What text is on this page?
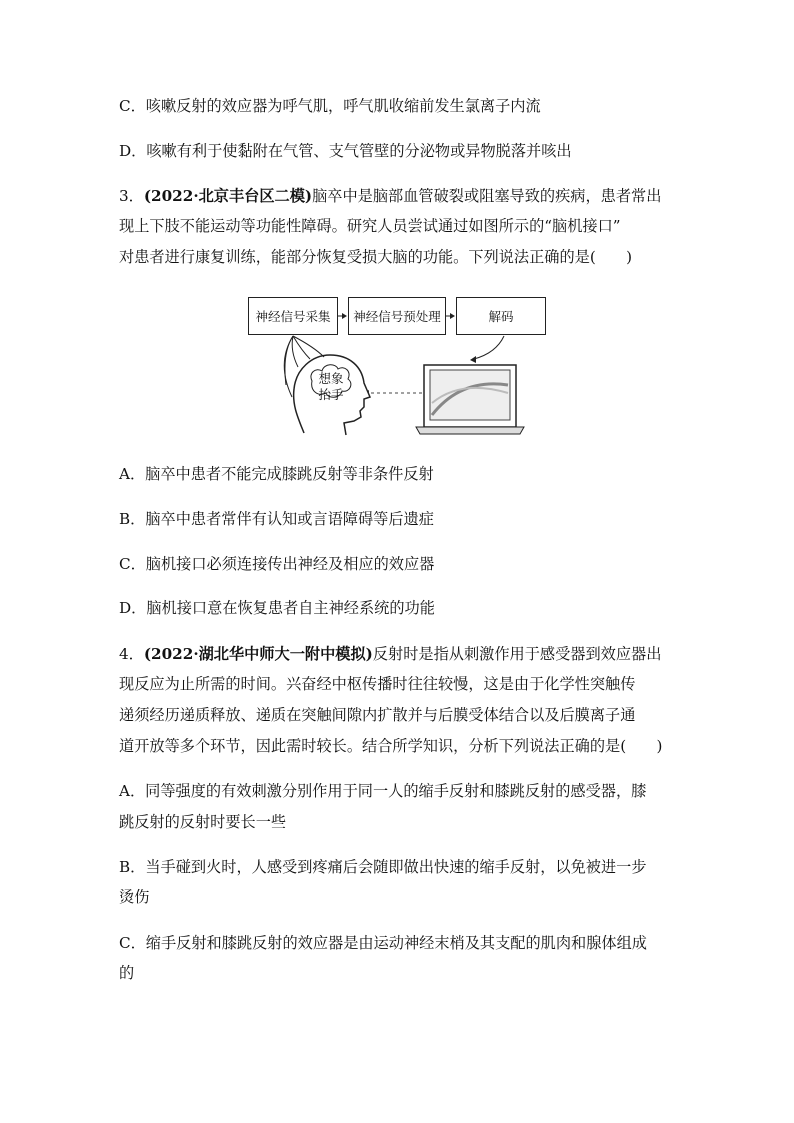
C．咳嗽反射的效应器为呼气肌，呼气肌收缩前发生氯离子内流
D．咳嗽有利于使黏附在气管、支气管壁的分泌物或异物脱落并咳出
3．(2022·北京丰台区二模)脑卒中是脑部血管破裂或阻塞导致的疾病，患者常出
现上下肢不能运动等功能性障碍。研究人员尝试通过如图所示的“脑机接口”
对患者进行康复训练，能部分恢复受损大脑的功能。下列说法正确的是(　　)
神经信号采集	神经信号预处理	解码
想象
抬手
A．脑卒中患者不能完成膝跳反射等非条件反射
B．脑卒中患者常伴有认知或言语障碍等后遗症
C．脑机接口必须连接传出神经及相应的效应器
D．脑机接口意在恢复患者自主神经系统的功能
4．(2022·湖北华中师大一附中模拟)反射时是指从刺激作用于感受器到效应器出
现反应为止所需的时间。兴奋经中枢传播时往往较慢，这是由于化学性突触传
递须经历递质释放、递质在突触间隙内扩散并与后膜受体结合以及后膜离子通
道开放等多个环节，因此需时较长。结合所学知识，分析下列说法正确的是(　　)
A．同等强度的有效刺激分别作用于同一人的缩手反射和膝跳反射的感受器，膝
跳反射的反射时要长一些
B．当手碰到火时，人感受到疼痛后会随即做出快速的缩手反射，以免被进一步
烫伤
C．缩手反射和膝跳反射的效应器是由运动神经末梢及其支配的肌肉和腺体组成
的
